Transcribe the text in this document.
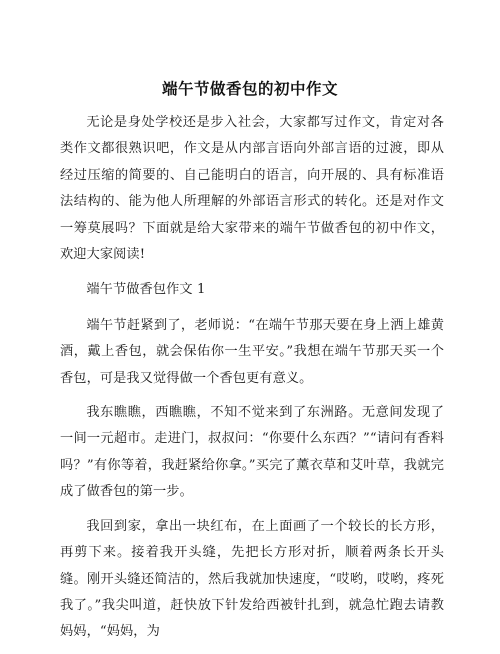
端午节做香包的初中作文

无论是身处学校还是步入社会，大家都写过作文，肯定对各类作文都很熟识吧，作文是从内部言语向外部言语的过渡，即从经过压缩的简要的、自己能明白的语言，向开展的、具有标准语法结构的、能为他人所理解的外部语言形式的转化。还是对作文一筹莫展吗？下面就是给大家带来的端午节做香包的初中作文，欢迎大家阅读!

端午节做香包作文 1

端午节赶紧到了，老师说：“在端午节那天要在身上洒上雄黄酒，戴上香包，就会保佑你一生平安。”我想在端午节那天买一个香包，可是我又觉得做一个香包更有意义。

我东瞧瞧，西瞧瞧，不知不觉来到了东洲路。无意间发现了一间一元超市。走进门，叔叔问：“你要什么东西？”“请问有香料吗？”有你等着，我赶紧给你拿。”买完了薰衣草和艾叶草，我就完成了做香包的第一步。

我回到家，拿出一块红布，在上面画了一个较长的长方形，再剪下来。接着我开头缝，先把长方形对折，顺着两条长开头缝。刚开头缝还简洁的，然后我就加快速度，“哎哟，哎哟，疼死我了。”我尖叫道，赶快放下针发给西被针扎到，就急忙跑去请教妈妈，“妈妈，为
